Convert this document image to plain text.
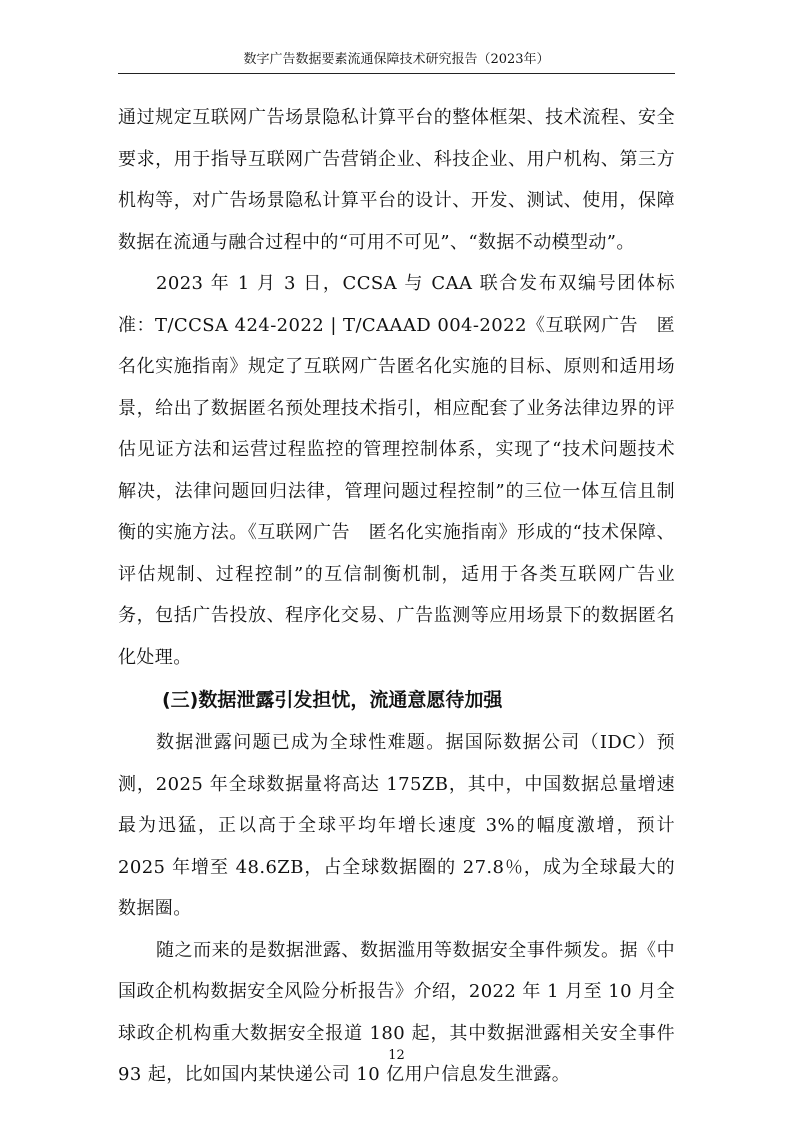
数字广告数据要素流通保障技术研究报告（2023年）

通过规定互联网广告场景隐私计算平台的整体框架、技术流程、安全要求，用于指导互联网广告营销企业、科技企业、用户机构、第三方机构等，对广告场景隐私计算平台的设计、开发、测试、使用，保障数据在流通与融合过程中的“可用不可见”、“数据不动模型动”。

2023 年 1 月 3 日，CCSA 与 CAA 联合发布双编号团体标准：T/CCSA 424-2022 | T/CAAAD 004-2022《互联网广告　匿名化实施指南》规定了互联网广告匿名化实施的目标、原则和适用场景，给出了数据匿名预处理技术指引，相应配套了业务法律边界的评估见证方法和运营过程监控的管理控制体系，实现了“技术问题技术解决，法律问题回归法律，管理问题过程控制”的三位一体互信且制衡的实施方法。《互联网广告　匿名化实施指南》形成的“技术保障、评估规制、过程控制”的互信制衡机制，适用于各类互联网广告业务，包括广告投放、程序化交易、广告监测等应用场景下的数据匿名化处理。

(三)数据泄露引发担忧，流通意愿待加强

数据泄露问题已成为全球性难题。据国际数据公司（IDC）预测，2025 年全球数据量将高达 175ZB，其中，中国数据总量增速最为迅猛，正以高于全球平均年增长速度 3%的幅度激增，预计 2025 年增至 48.6ZB，占全球数据圈的 27.8％，成为全球最大的数据圈。

随之而来的是数据泄露、数据滥用等数据安全事件频发。据《中国政企机构数据安全风险分析报告》介绍，2022 年 1 月至 10 月全球政企机构重大数据安全报道 180 起，其中数据泄露相关安全事件 93 起，比如国内某快递公司 10 亿用户信息发生泄露。

12
